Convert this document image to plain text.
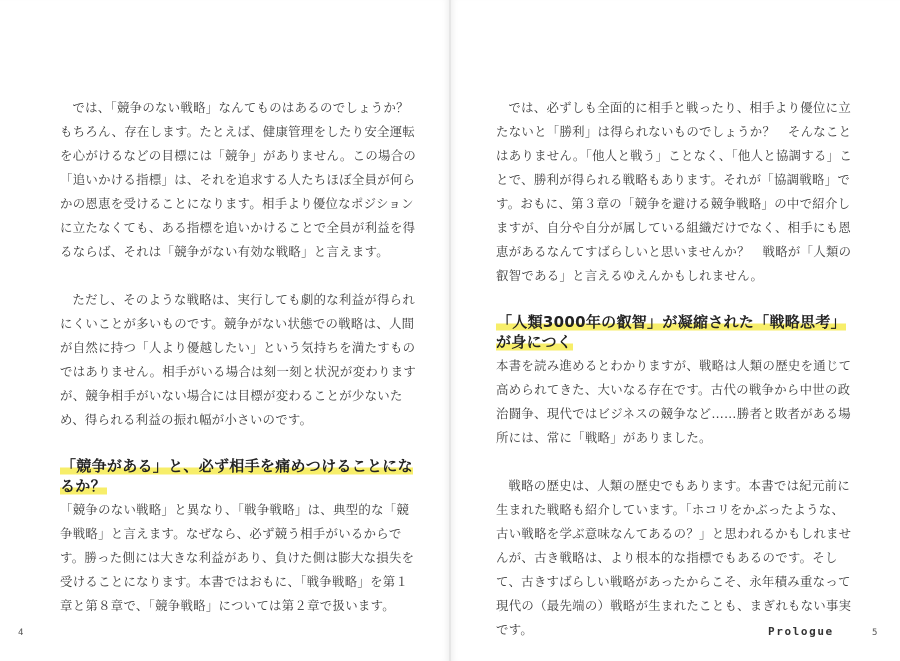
では、「競争のない戦略」なんてものはあるのでしょうか？　もちろん、存在します。たとえば、健康管理をしたり安全運転を心がけるなどの目標には「競争」がありません。この場合の「追いかける指標」は、それを追求する人たちほぼ全員が何らかの恩恵を受けることになります。相手より優位なポジションに立たなくても、ある指標を追いかけることで全員が利益を得るならば、それは「競争がない有効な戦略」と言えます。

ただし、そのような戦略は、実行しても劇的な利益が得られにくいことが多いものです。競争がない状態での戦略は、人間が自然に持つ「人より優越したい」という気持ちを満たすものではありません。相手がいる場合は刻一刻と状況が変わりますが、競争相手がいない場合には目標が変わることが少ないため、得られる利益の振れ幅が小さいのです。

「競争がある」と、必ず相手を痛めつけることになるか？

「競争のない戦略」と異なり、「戦争戦略」は、典型的な「競争戦略」と言えます。なぜなら、必ず競う相手がいるからです。勝った側には大きな利益があり、負けた側は膨大な損失を受けることになります。本書ではおもに、「戦争戦略」を第１章と第８章で、「競争戦略」については第２章で扱います。

4

では、必ずしも全面的に相手と戦ったり、相手より優位に立たないと「勝利」は得られないものでしょうか？　そんなことはありません。「他人と戦う」ことなく、「他人と協調する」ことで、勝利が得られる戦略もあります。それが「協調戦略」です。おもに、第３章の「競争を避ける競争戦略」の中で紹介しますが、自分や自分が属している組織だけでなく、相手にも恩恵があるなんてすばらしいと思いませんか？　戦略が「人類の叡智である」と言えるゆえんかもしれません。

「人類3000年の叡智」が凝縮された「戦略思考」が身につく

本書を読み進めるとわかりますが、戦略は人類の歴史を通じて高められてきた、大いなる存在です。古代の戦争から中世の政治闘争、現代ではビジネスの競争など……勝者と敗者がある場所には、常に「戦略」がありました。

戦略の歴史は、人類の歴史でもあります。本書では紀元前に生まれた戦略も紹介しています。「ホコリをかぶったような、古い戦略を学ぶ意味なんてあるの？」と思われるかもしれませんが、古き戦略は、より根本的な指標でもあるのです。そして、古きすばらしい戦略があったからこそ、永年積み重なって現代の（最先端の）戦略が生まれたことも、まぎれもない事実です。	Prologue	5
